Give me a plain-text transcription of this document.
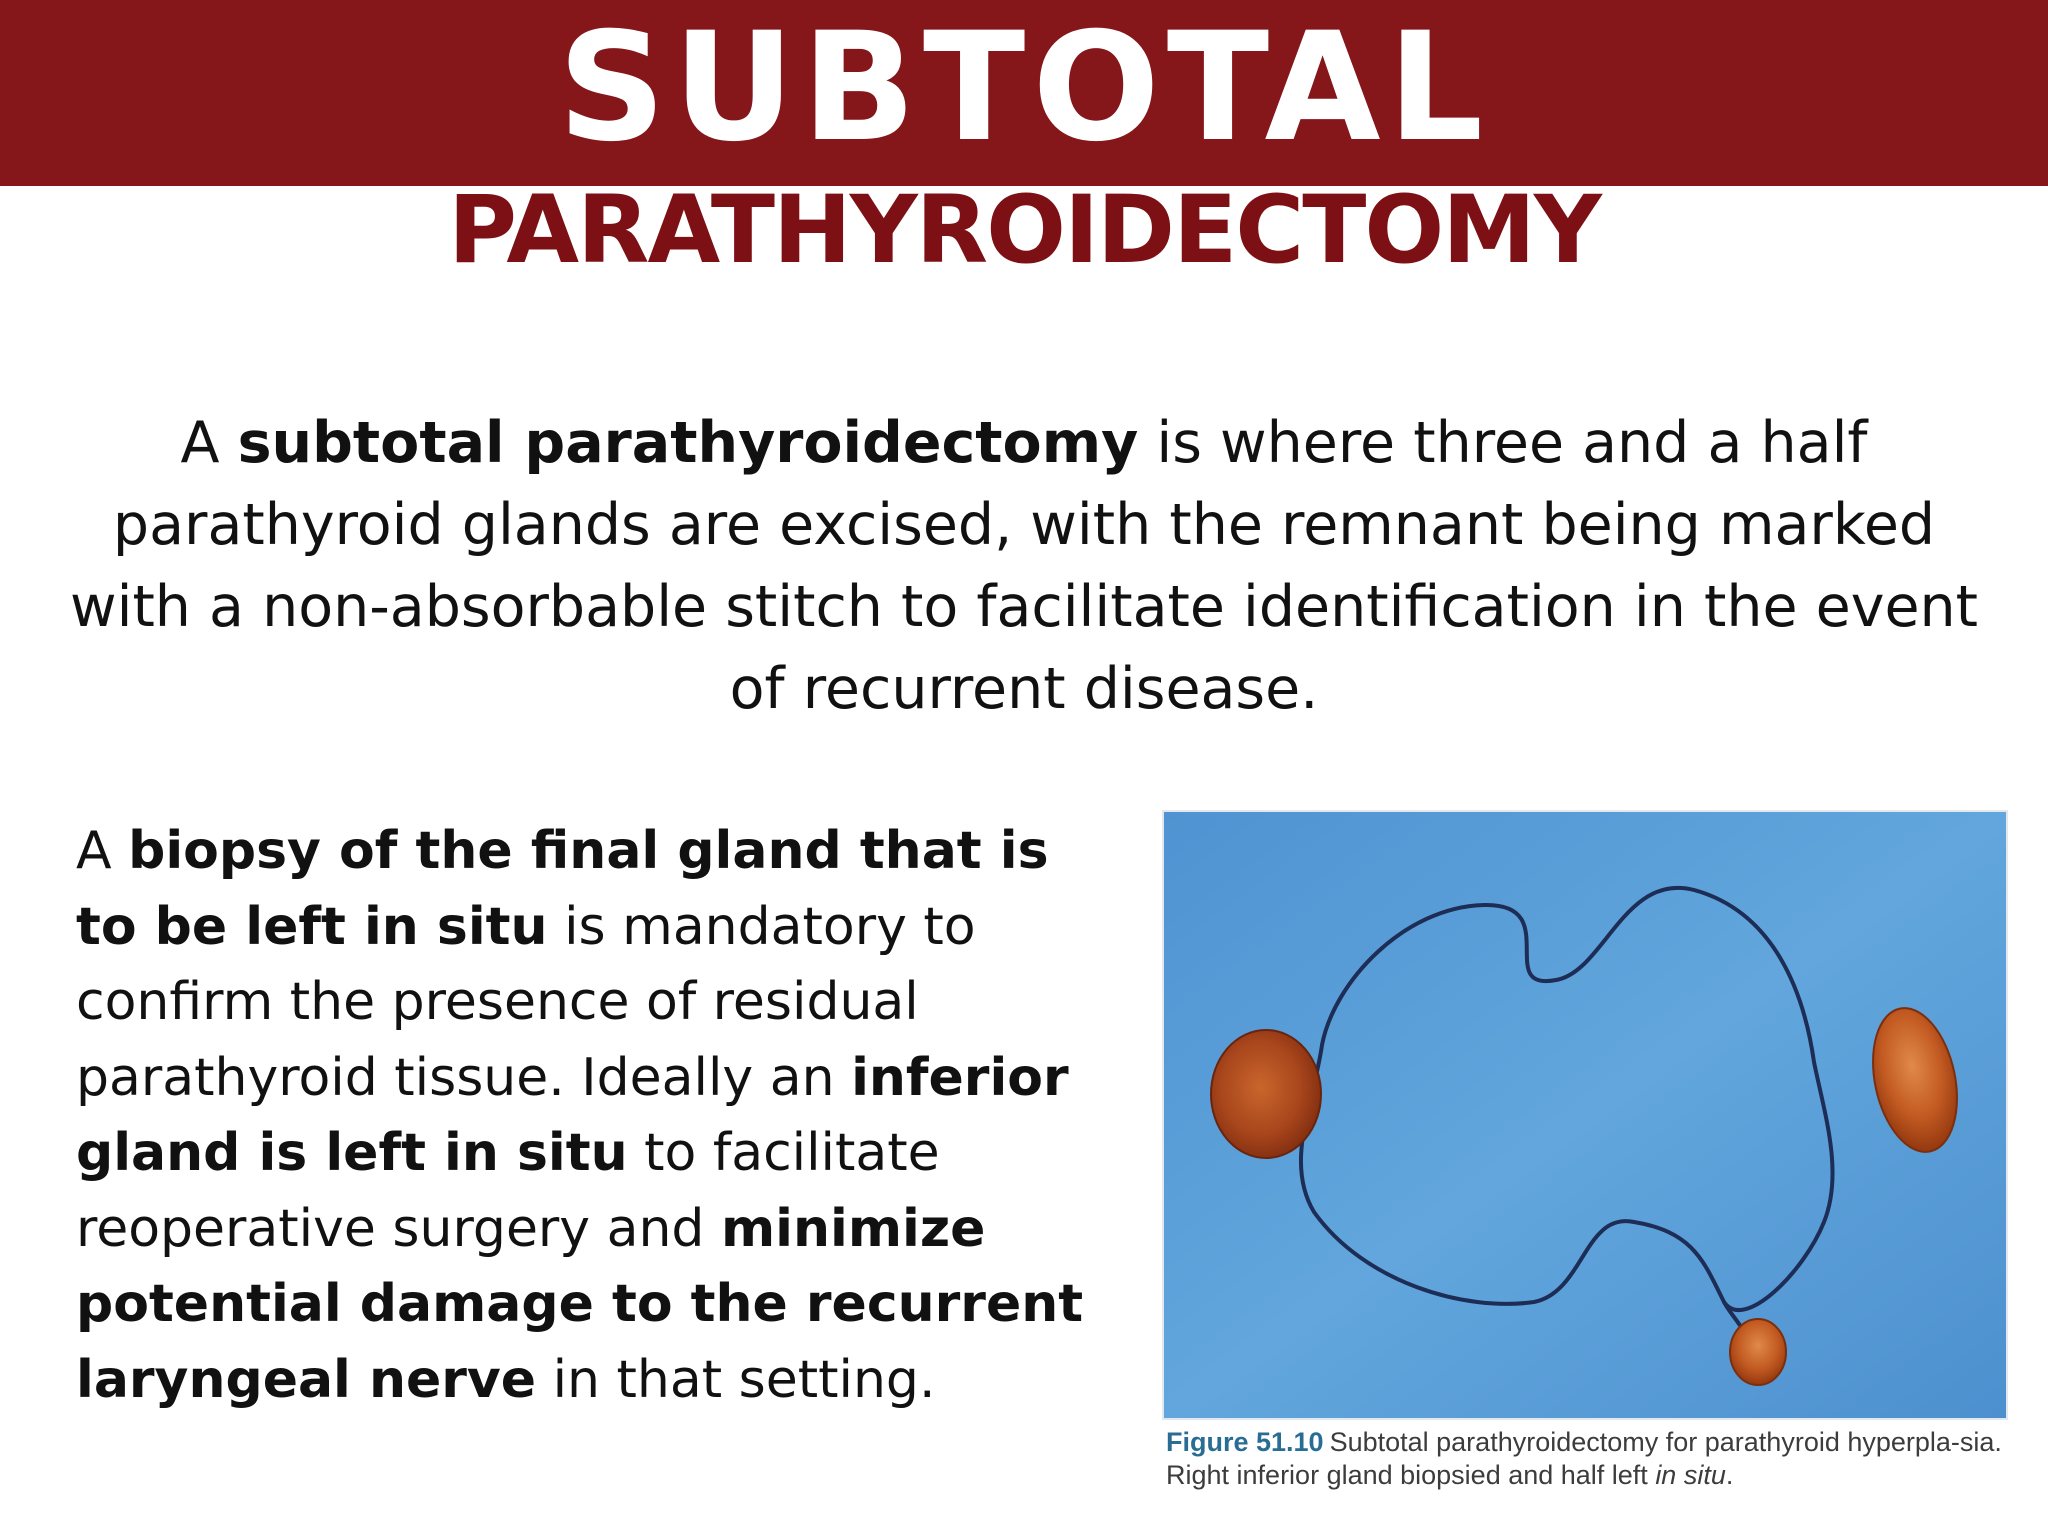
SUBTOTAL
PARATHYROIDECTOMY

A subtotal parathyroidectomy is where three and a half parathyroid glands are excised, with the remnant being marked with a non-absorbable stitch to facilitate identification in the event of recurrent disease.

A biopsy of the final gland that is to be left in situ is mandatory to confirm the presence of residual parathyroid tissue. Ideally an inferior gland is left in situ to facilitate reoperative surgery and minimize potential damage to the recurrent laryngeal nerve in that setting.

Figure 51.10 Subtotal parathyroidectomy for parathyroid hyperpla-sia. Right inferior gland biopsied and half left in situ.
